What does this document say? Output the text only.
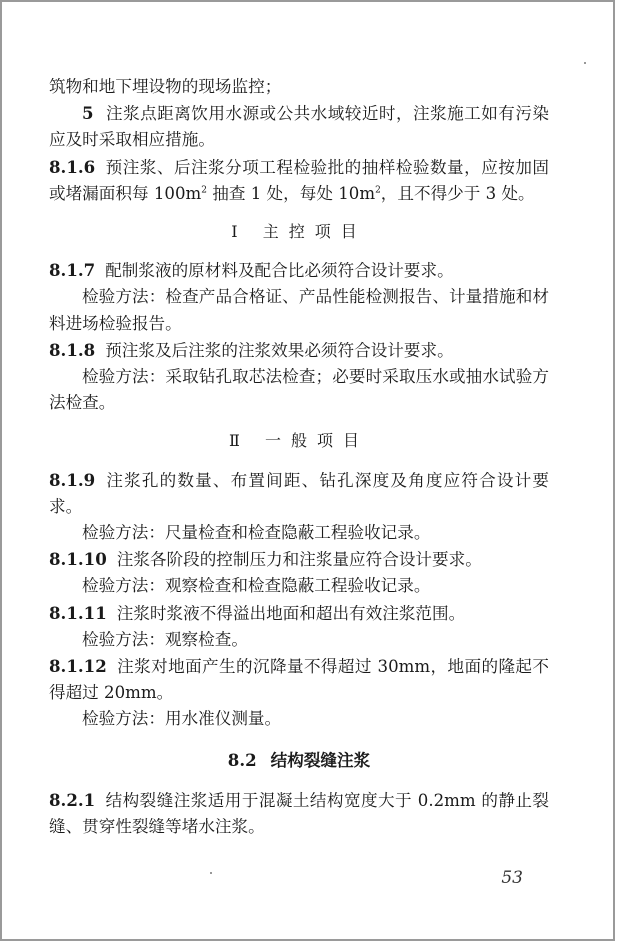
筑物和地下埋设物的现场监控；

5 注浆点距离饮用水源或公共水域较近时，注浆施工如有污染应及时采取相应措施。

8.1.6 预注浆、后注浆分项工程检验批的抽样检验数量，应按加固或堵漏面积每 $100m^2$ 抽查 1 处，每处 $10m^2$，且不得少于 3 处。

Ⅰ 主控项目

8.1.7 配制浆液的原材料及配合比必须符合设计要求。

检验方法：检查产品合格证、产品性能检测报告、计量措施和材料进场检验报告。

8.1.8 预注浆及后注浆的注浆效果必须符合设计要求。

检验方法：采取钻孔取芯法检查；必要时采取压水或抽水试验方法检查。

Ⅱ 一般项目

8.1.9 注浆孔的数量、布置间距、钻孔深度及角度应符合设计要求。

检验方法：尺量检查和检查隐蔽工程验收记录。

8.1.10 注浆各阶段的控制压力和注浆量应符合设计要求。

检验方法：观察检查和检查隐蔽工程验收记录。

8.1.11 注浆时浆液不得溢出地面和超出有效注浆范围。

检验方法：观察检查。

8.1.12 注浆对地面产生的沉降量不得超过 30mm，地面的隆起不得超过 20mm。

检验方法：用水准仪测量。

8.2 结构裂缝注浆

8.2.1 结构裂缝注浆适用于混凝土结构宽度大于 0.2mm 的静止裂缝、贯穿性裂缝等堵水注浆。

53
